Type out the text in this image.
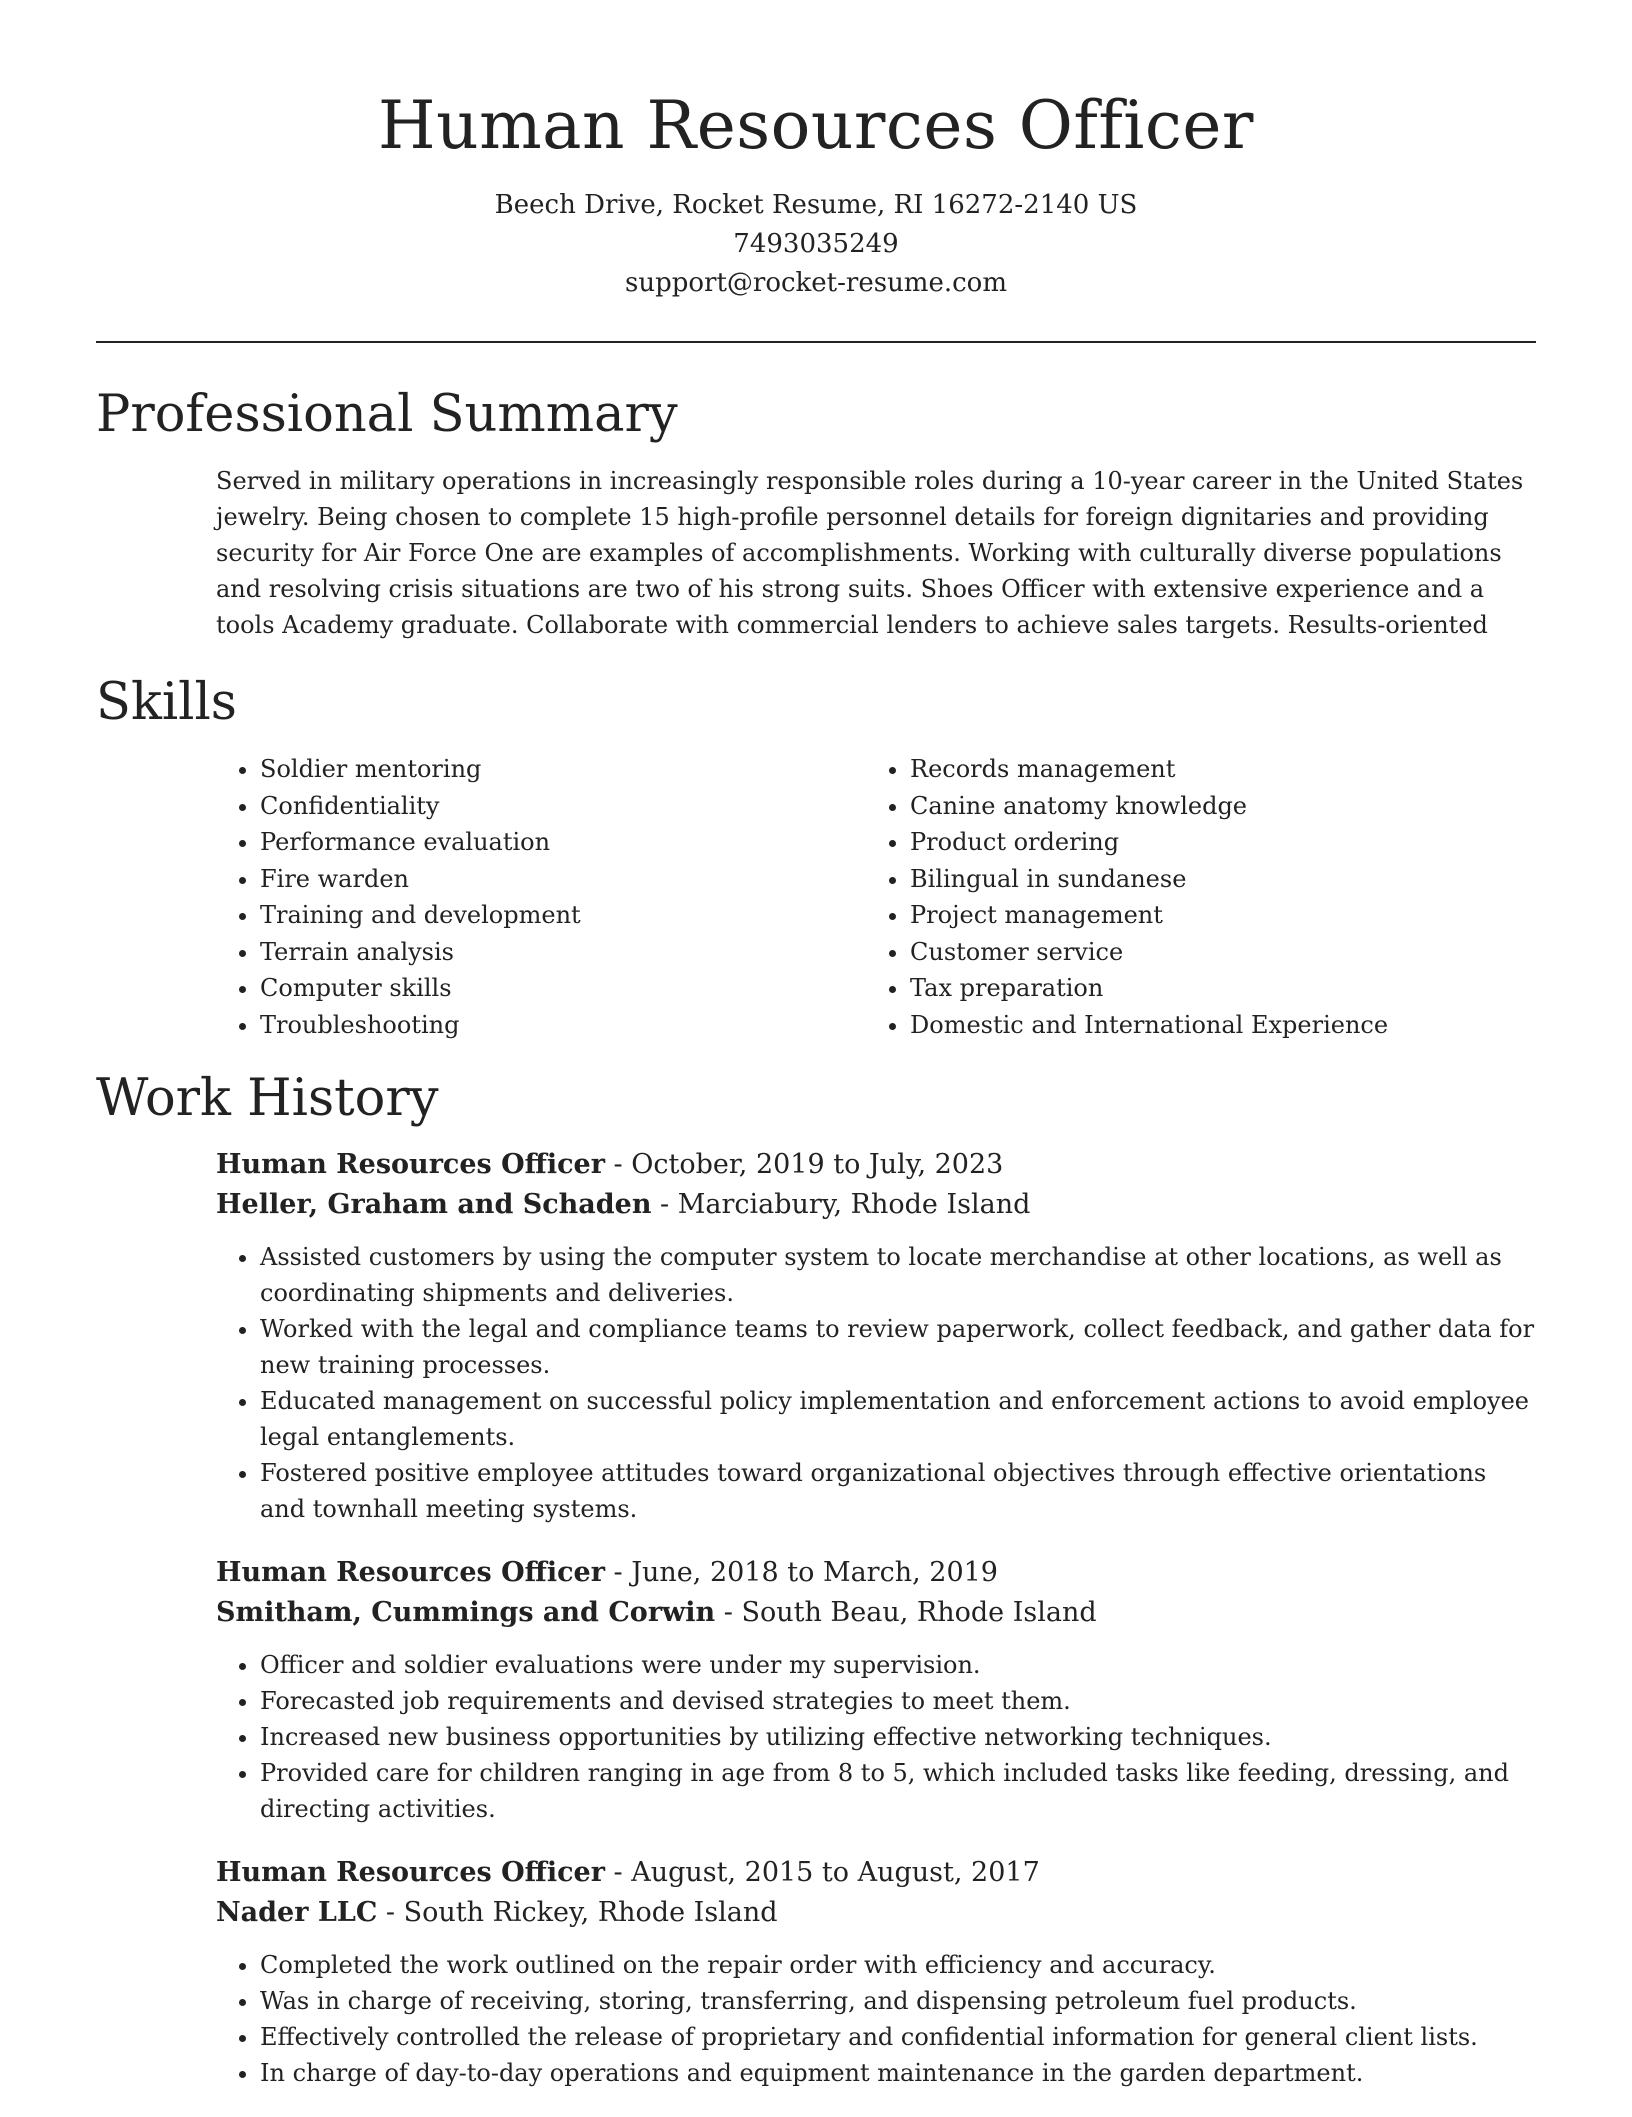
Human Resources Officer
Beech Drive, Rocket Resume, RI 16272-2140 US
7493035249
support@rocket-resume.com
Professional Summary
Served in military operations in increasingly responsible roles during a 10-year career in the United States jewelry. Being chosen to complete 15 high-profile personnel details for foreign dignitaries and providing security for Air Force One are examples of accomplishments. Working with culturally diverse populations and resolving crisis situations are two of his strong suits. Shoes Officer with extensive experience and a tools Academy graduate. Collaborate with commercial lenders to achieve sales targets. Results-oriented
Skills
• Soldier mentoring
• Confidentiality
• Performance evaluation
• Fire warden
• Training and development
• Terrain analysis
• Computer skills
• Troubleshooting
• Records management
• Canine anatomy knowledge
• Product ordering
• Bilingual in sundanese
• Project management
• Customer service
• Tax preparation
• Domestic and International Experience
Work History
Human Resources Officer - October, 2019 to July, 2023
Heller, Graham and Schaden - Marciabury, Rhode Island
• Assisted customers by using the computer system to locate merchandise at other locations, as well as coordinating shipments and deliveries.
• Worked with the legal and compliance teams to review paperwork, collect feedback, and gather data for new training processes.
• Educated management on successful policy implementation and enforcement actions to avoid employee legal entanglements.
• Fostered positive employee attitudes toward organizational objectives through effective orientations and townhall meeting systems.
Human Resources Officer - June, 2018 to March, 2019
Smitham, Cummings and Corwin - South Beau, Rhode Island
• Officer and soldier evaluations were under my supervision.
• Forecasted job requirements and devised strategies to meet them.
• Increased new business opportunities by utilizing effective networking techniques.
• Provided care for children ranging in age from 8 to 5, which included tasks like feeding, dressing, and directing activities.
Human Resources Officer - August, 2015 to August, 2017
Nader LLC - South Rickey, Rhode Island
• Completed the work outlined on the repair order with efficiency and accuracy.
• Was in charge of receiving, storing, transferring, and dispensing petroleum fuel products.
• Effectively controlled the release of proprietary and confidential information for general client lists.
• In charge of day-to-day operations and equipment maintenance in the garden department.
